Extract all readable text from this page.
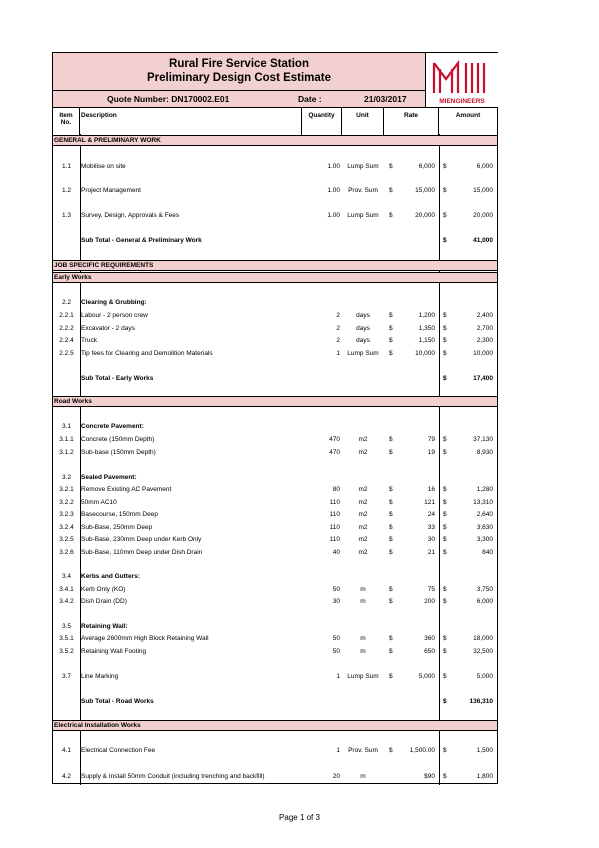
Rural Fire Service Station
Preliminary Design Cost Estimate
Quote Number: DN170002.E01	Date :	21/03/2017	MIENGINEERS
Item
No.
Description	Quantity	Unit	Rate	Amount
GENERAL & PRELIMINARY WORK
JOB SPECIFIC REQUIREMENTS
Early Works
Road Works
Electrical Installation Works
1.1	Mobilise on site	1.00	Lump Sum	$	6,000 $	6,000
1.2	Project Management	1.00	Prov. Sum	$	15,000 $	15,000
1.3	Survey, Design, Approvals & Fees	1.00	Lump Sum	$	20,000 $	20,000
Sub Total - General & Preliminary Work	$	41,000
2.2	Clearing & Grubbing:
2.2.1	Labour - 2 person crew	2	days	$	1,200 $	2,400
2.2.2	Excavator - 2 days	2	days	$	1,350 $	2,700
2.2.4	Truck	2	days	$	1,150 $	2,300
2.2.5	Tip fees for Clearing and Demolition Materials	1	Lump Sum	$	10,000 $	10,000
Sub Total - Early Works	$	17,400
3.1	Concrete Pavement:
3.1.1	Concrete (150mm Depth)	470	m2	$	79 $	37,130
3.1.2	Sub-base (150mm Depth)	470	m2	$	19 $	8,930
3.2	Sealed Pavement:
3.2.1	Remove Existing AC Pavement	80	m2	$	16 $	1,280
3.2.2	50mm AC10	110	m2	$	121 $	13,310
3.2.3	Basecourse, 150mm Deep	110	m2	$	24 $	2,640
3.2.4	Sub-Base, 250mm Deep	110	m2	$	33 $	3,630
3.2.5	Sub-Base, 230mm Deep under Kerb Only	110	m2	$	30 $	3,300
3.2.6	Sub-Base, 110mm Deep under Dish Drain	40	m2	$	21 $	840
3.4	Kerbs and Gutters:
3.4.1	Kerb Only (KO)	50	m	$	75 $	3,750
3.4.2	Dish Drain (DD)	30	m	$	200 $	6,000
3.5	Retaining Wall:
3.5.1	Average 2600mm High Block Retaining Wall	50	m	$	360 $	18,000
3.5.2	Retaining Wall Footing	50	m	$	650 $	32,500
3.7	Line Marking	1	Lump Sum	$	5,000 $	5,000
Sub Total - Road Works	$	136,310
4.1	Electrical Connection Fee	1	Prov. Sum	$	1,500.00 $	1,500
4.2	Supply & Install 50mm Conduit (including trenching and backfill)	20	m	$90 $	1,800
Page 1 of 3
